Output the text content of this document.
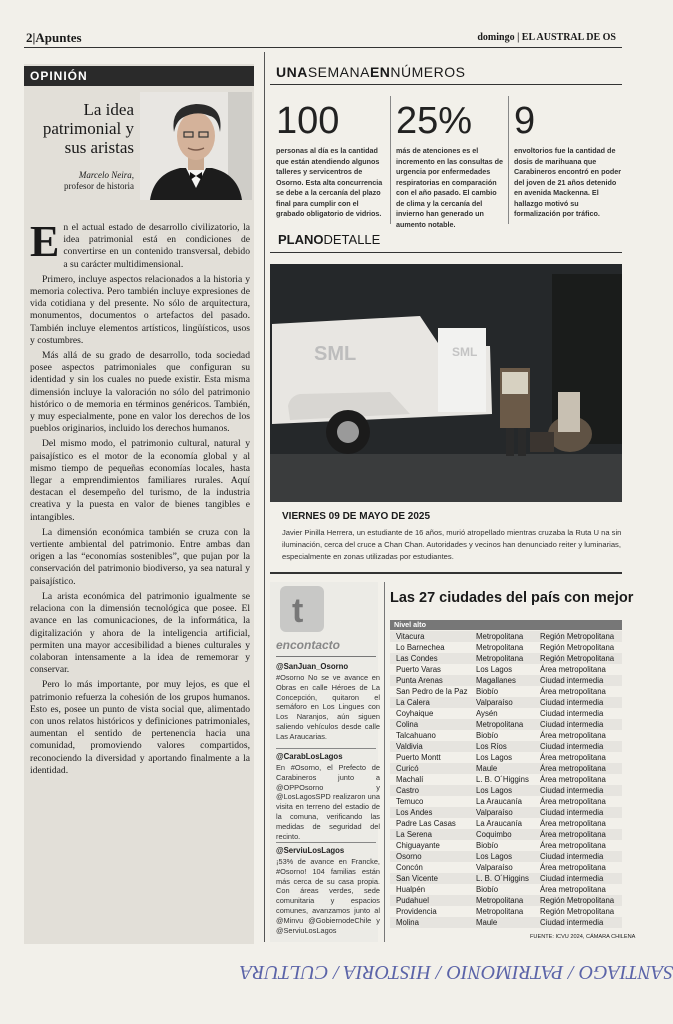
2|Apuntes	domingo | EL AUSTRAL DE OS
OPINIÓN
La idea patrimonial y sus aristas
Marcelo Neira,
profesor de historia

En el actual estado de desarrollo civilizatorio, la idea patrimonial está en condiciones de convertirse en un contenido transversal, debido a su carácter multidimensional.

Primero, incluye aspectos relacionados a la historia y memoria colectiva. Pero también incluye expresiones de vida cotidiana y del presente. No sólo de arquitectura, monumentos, documentos o artefactos del pasado. También incluye elementos artísticos, lingüísticos, usos y costumbres.

Más allá de su grado de desarrollo, toda sociedad posee aspectos patrimoniales que configuran su identidad y sin los cuales no puede existir. Esta misma dimensión incluye la valoración no sólo del patrimonio histórico o de memoria en términos genéricos. También, y muy especialmente, pone en valor los derechos de los pueblos originarios, incluido los derechos humanos.

Del mismo modo, el patrimonio cultural, natural y paisajístico es el motor de la economía global y al mismo tiempo de pequeñas economías locales, hasta llegar a emprendimientos familiares rurales. Aquí destacan el desempeño del turismo, de la industria creativa y la puesta en valor de bienes tangibles e intangibles.

La dimensión económica también se cruza con la vertiente ambiental del patrimonio. Entre ambas dan origen a las “economías sostenibles”, que pujan por la conservación del patrimonio biodiverso, ya sea natural y paisajístico.

La arista económica del patrimonio igualmente se relaciona con la dimensión tecnológica que posee. El avance en las comunicaciones, de la informática, la digitalización y ahora de la inteligencia artificial, permiten una mayor accesibilidad a bienes culturales y colaboran intensamente a la idea de rememorar y conservar.

Pero lo más importante, por muy lejos, es que el patrimonio refuerza la cohesión de los grupos humanos. Esto es, posee un punto de vista social que, alimentado con unos relatos históricos y definiciones patrimoniales, aumentan el sentido de pertenencia hacia una comunidad, promoviendo valores compartidos, reconociendo la diversidad y aportando finalmente a la identidad.

UNASEMANAENNÚMEROS
100 25% 9
personas al día es la cantidad que están atendiendo algunos talleres y servicentros de Osorno. Esta alta concurrencia se debe a la cercanía del plazo final para cumplir con el grabado obligatorio de vidrios.
más de atenciones es el incremento en las consultas de urgencia por enfermedades respiratorias en comparación con el año pasado. El cambio de clima y la cercanía del invierno han generado un aumento notable.
envoltorios fue la cantidad de dosis de marihuana que Carabineros encontró en poder del joven de 21 años detenido en avenida Mackenna. El hallazgo motivó su formalización por tráfico.
PLANODETALLE
SML	SML
VIERNES 09 DE MAYO DE 2025
Javier Pinilla Herrera, un estudiante de 16 años, murió atropellado mientras cruzaba la Ruta U na sin iluminación, cerca del cruce a Chan Chan. Autoridades y vecinos han denunciado reiter y luminarias, especialmente en zonas utilizadas por estudiantes.
t
encontacto
@SanJuan_Osorno
#Osorno No se ve avance en Obras en calle Héroes de La Concepción, quitaron el semáforo en Los Lingues con Los Naranjos, aún siguen saliendo vehículos desde calle Las Araucarias.
@CarabLosLagos
En #Osorno, el Prefecto de Carabineros junto a @OPPOsorno y @LosLagosSPD realizaron una visita en terreno del estadio de la comuna, verificando las medidas de seguridad del recinto.
@ServiuLosLagos
¡53% de avance en Francke, #Osorno! 104 familias están más cerca de su casa propia. Con áreas verdes, sede comunitaria y espacios comunes, avanzamos junto al @Minvu @GobiernodeChile y @ServiuLosLagos
Las 27 ciudades del país con mejor
Nivel alto
Vitacura	Metropolitana Región Metropolitana
Lo Barnechea	Metropolitana Región Metropolitana
Las Condes	Metropolitana Región Metropolitana
Puerto Varas	Los Lagos	Área metropolitana
Punta Arenas	Magallanes	Ciudad intermedia
San Pedro de la Paz Biobío	Área metropolitana
La Calera	Valparaíso	Ciudad intermedia
Coyhaique	Aysén	Ciudad intermedia
Colina	Metropolitana Ciudad intermedia
Talcahuano	Biobío	Área metropolitana
Valdivia	Los Ríos	Ciudad intermedia
Puerto Montt	Los Lagos	Área metropolitana
Curicó	Maule	Área metropolitana
Machalí	L. B. O´Higgins Área metropolitana
Castro	Los Lagos	Ciudad intermedia
Temuco	La Araucanía Área metropolitana
Los Andes	Valparaíso	Ciudad intermedia
Padre Las Casas	La Araucanía Área metropolitana
La Serena	Coquimbo	Área metropolitana
Chiguayante	Biobío	Área metropolitana
Osorno	Los Lagos	Ciudad intermedia
Concón	Valparaíso	Área metropolitana
San Vicente	L. B. O´Higgins Ciudad intermedia
Hualpén	Biobío	Área metropolitana
Pudahuel	Metropolitana Región Metropolitana
Providencia	Metropolitana Región Metropolitana
Molina	Maule	Ciudad intermedia
FUENTE: ICVU 2024, CÁMARA CHILENA
SANTIAGO / PATRIMONIO / HISTORIA / CULTURA
